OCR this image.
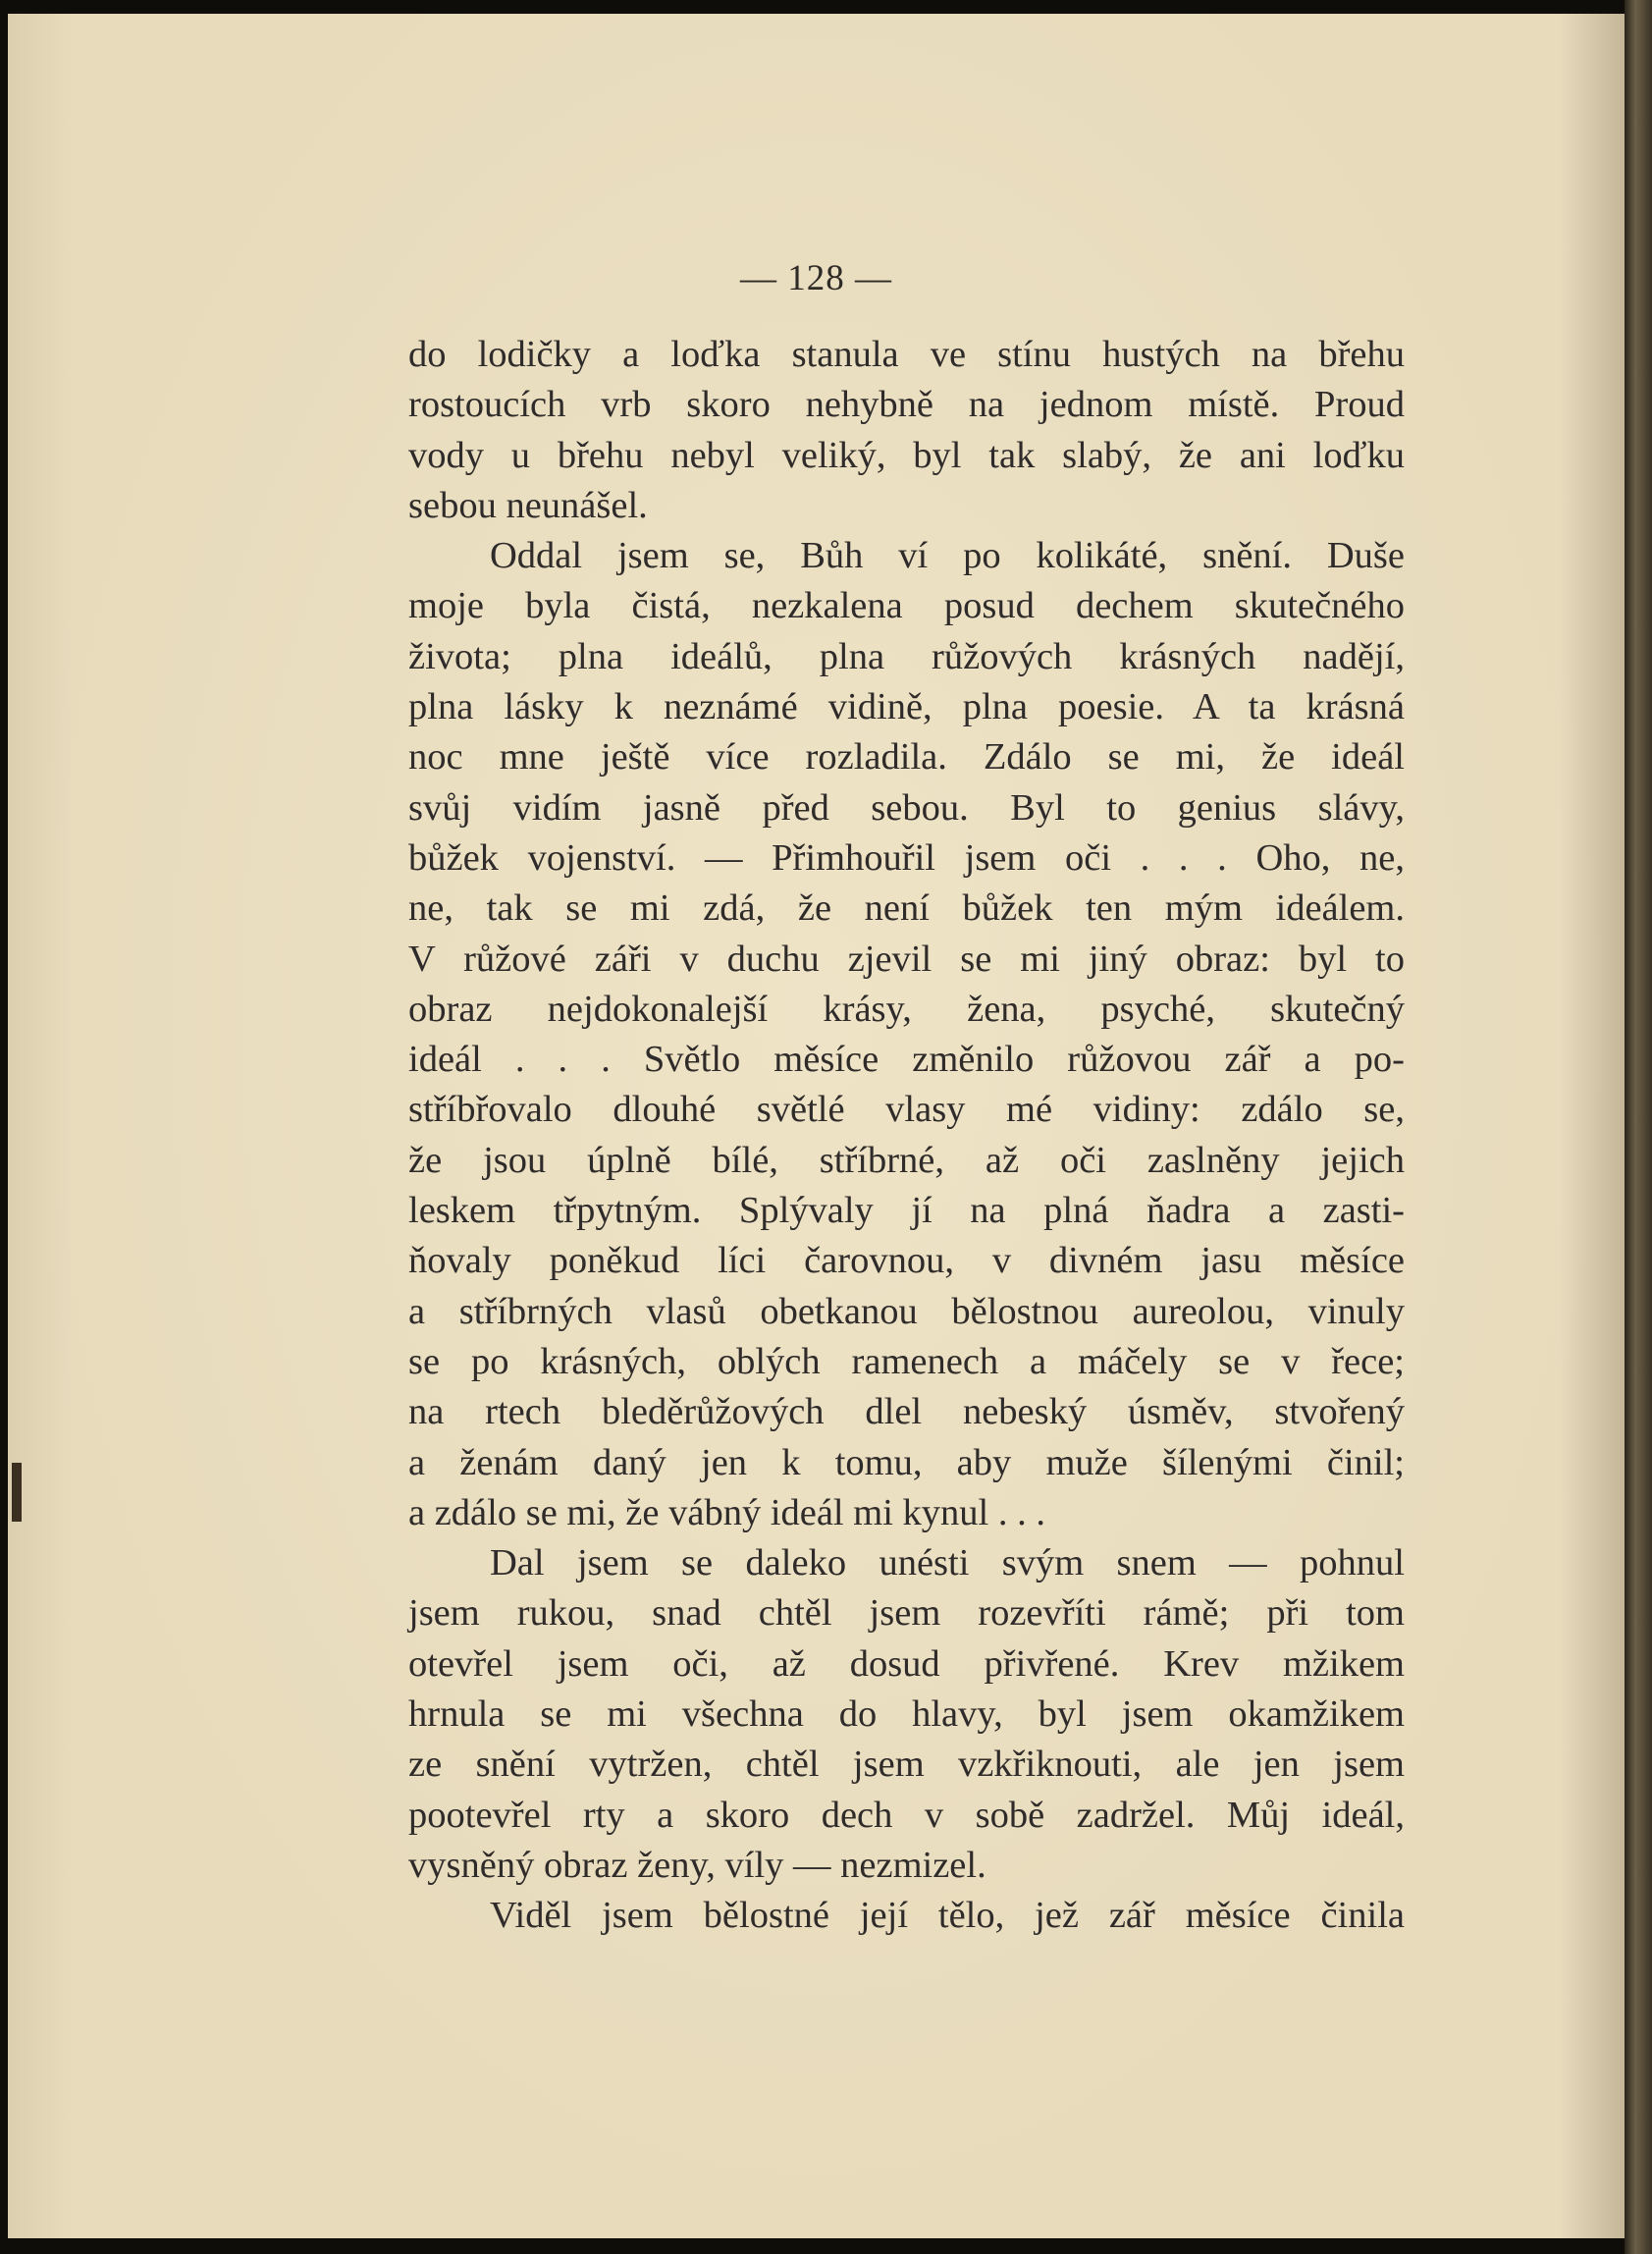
— 128 —
do lodičky a loďka stanula ve stínu hustých na břehu
rostoucích vrb skoro nehybně na jednom místě. Proud
vody u břehu nebyl veliký, byl tak slabý, že ani loďku
sebou neunášel.
Oddal jsem se, Bůh ví po kolikáté, snění. Duše
moje byla čistá, nezkalena posud dechem skutečného
života; plna ideálů, plna růžových krásných nadějí,
plna lásky k neznámé vidině, plna poesie. A ta krásná
noc mne ještě více rozladila. Zdálo se mi, že ideál
svůj vidím jasně před sebou. Byl to genius slávy,
bůžek vojenství. — Přimhouřil jsem oči . . . Oho, ne,
ne, tak se mi zdá, že není bůžek ten mým ideálem.
V růžové záři v duchu zjevil se mi jiný obraz: byl to
obraz nejdokonalejší krásy, žena, psyché, skutečný
ideál . . . Světlo měsíce změnilo růžovou zář a po-
stříbřovalo dlouhé světlé vlasy mé vidiny: zdálo se,
že jsou úplně bílé, stříbrné, až oči zaslněny jejich
leskem třpytným. Splývaly jí na plná ňadra a zasti-
ňovaly poněkud líci čarovnou, v divném jasu měsíce
a stříbrných vlasů obetkanou bělostnou aureolou, vinuly
se po krásných, oblých ramenech a máčely se v řece;
na rtech bleděrůžových dlel nebeský úsměv, stvořený
a ženám daný jen k tomu, aby muže šílenými činil;
a zdálo se mi, že vábný ideál mi kynul . . .
Dal jsem se daleko unésti svým snem — pohnul
jsem rukou, snad chtěl jsem rozevříti rámě; při tom
otevřel jsem oči, až dosud přivřené. Krev mžikem
hrnula se mi všechna do hlavy, byl jsem okamžikem
ze snění vytržen, chtěl jsem vzkřiknouti, ale jen jsem
pootevřel rty a skoro dech v sobě zadržel. Můj ideál,
vysněný obraz ženy, víly — nezmizel.
Viděl jsem bělostné její tělo, jež zář měsíce činila
